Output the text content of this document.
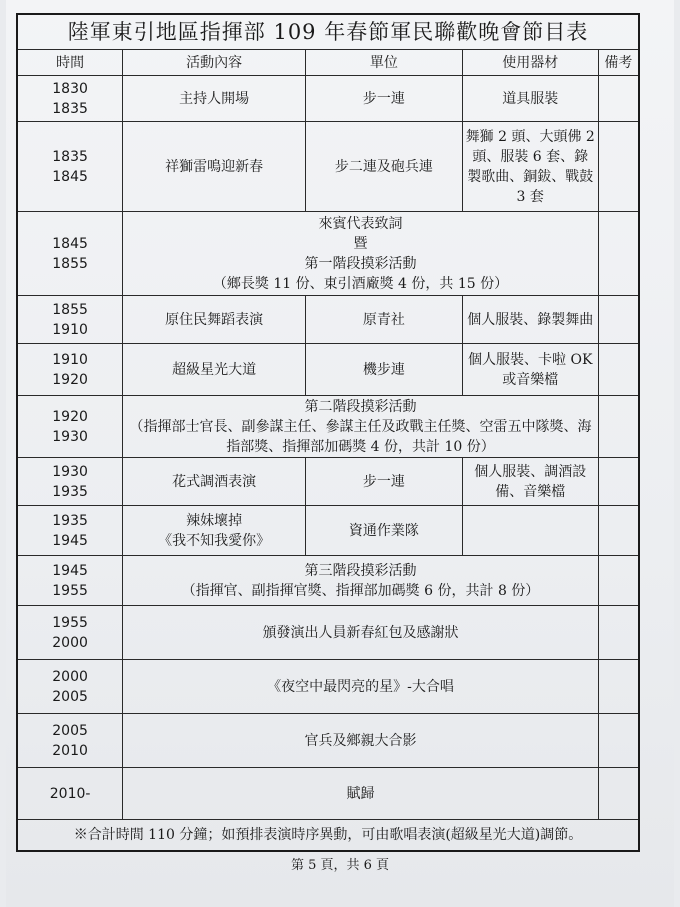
陸軍東引地區指揮部 109 年春節軍民聯歡晚會節目表				
時間	活動內容	單位	使用器材	備考

1830
1835	主持人開場	步一連	道具服裝	

1835
1845	祥獅雷鳴迎新春	步二連及砲兵連	舞獅 2 頭、大頭佛 2 頭、服裝 6 套、錄製歌曲、銅鈸、戰鼓 3 套	

1845
1855	來賓代表致詞
暨
第一階段摸彩活動
（鄉長獎 11 份、東引酒廠獎 4 份，共 15 份）			

1855
1910	原住民舞蹈表演	原青社	個人服裝、錄製舞曲	

1910
1920	超級星光大道	機步連	個人服裝、卡啦 OK 或音樂檔	

1920
1930	第二階段摸彩活動
（指揮部士官長、副參謀主任、參謀主任及政戰主任獎、空雷五中隊獎、海指部獎、指揮部加碼獎 4 份，共計 10 份）			

1930
1935	花式調酒表演	步一連	個人服裝、調酒設備、音樂檔	

1935
1945	辣妹壞掉
《我不知我愛你》	資通作業隊		

1945
1955	第三階段摸彩活動
（指揮官、副指揮官獎、指揮部加碼獎 6 份，共計 8 份）			

1955
2000	頒發演出人員新春紅包及感謝狀			

2000
2005	《夜空中最閃亮的星》-大合唱			

2005
2010	官兵及鄉親大合影			

2010-	賦歸			

※合計時間 110 分鐘；如預排表演時序異動，可由歌唱表演(超級星光大道)調節。				
第 5 頁，共 6 頁
